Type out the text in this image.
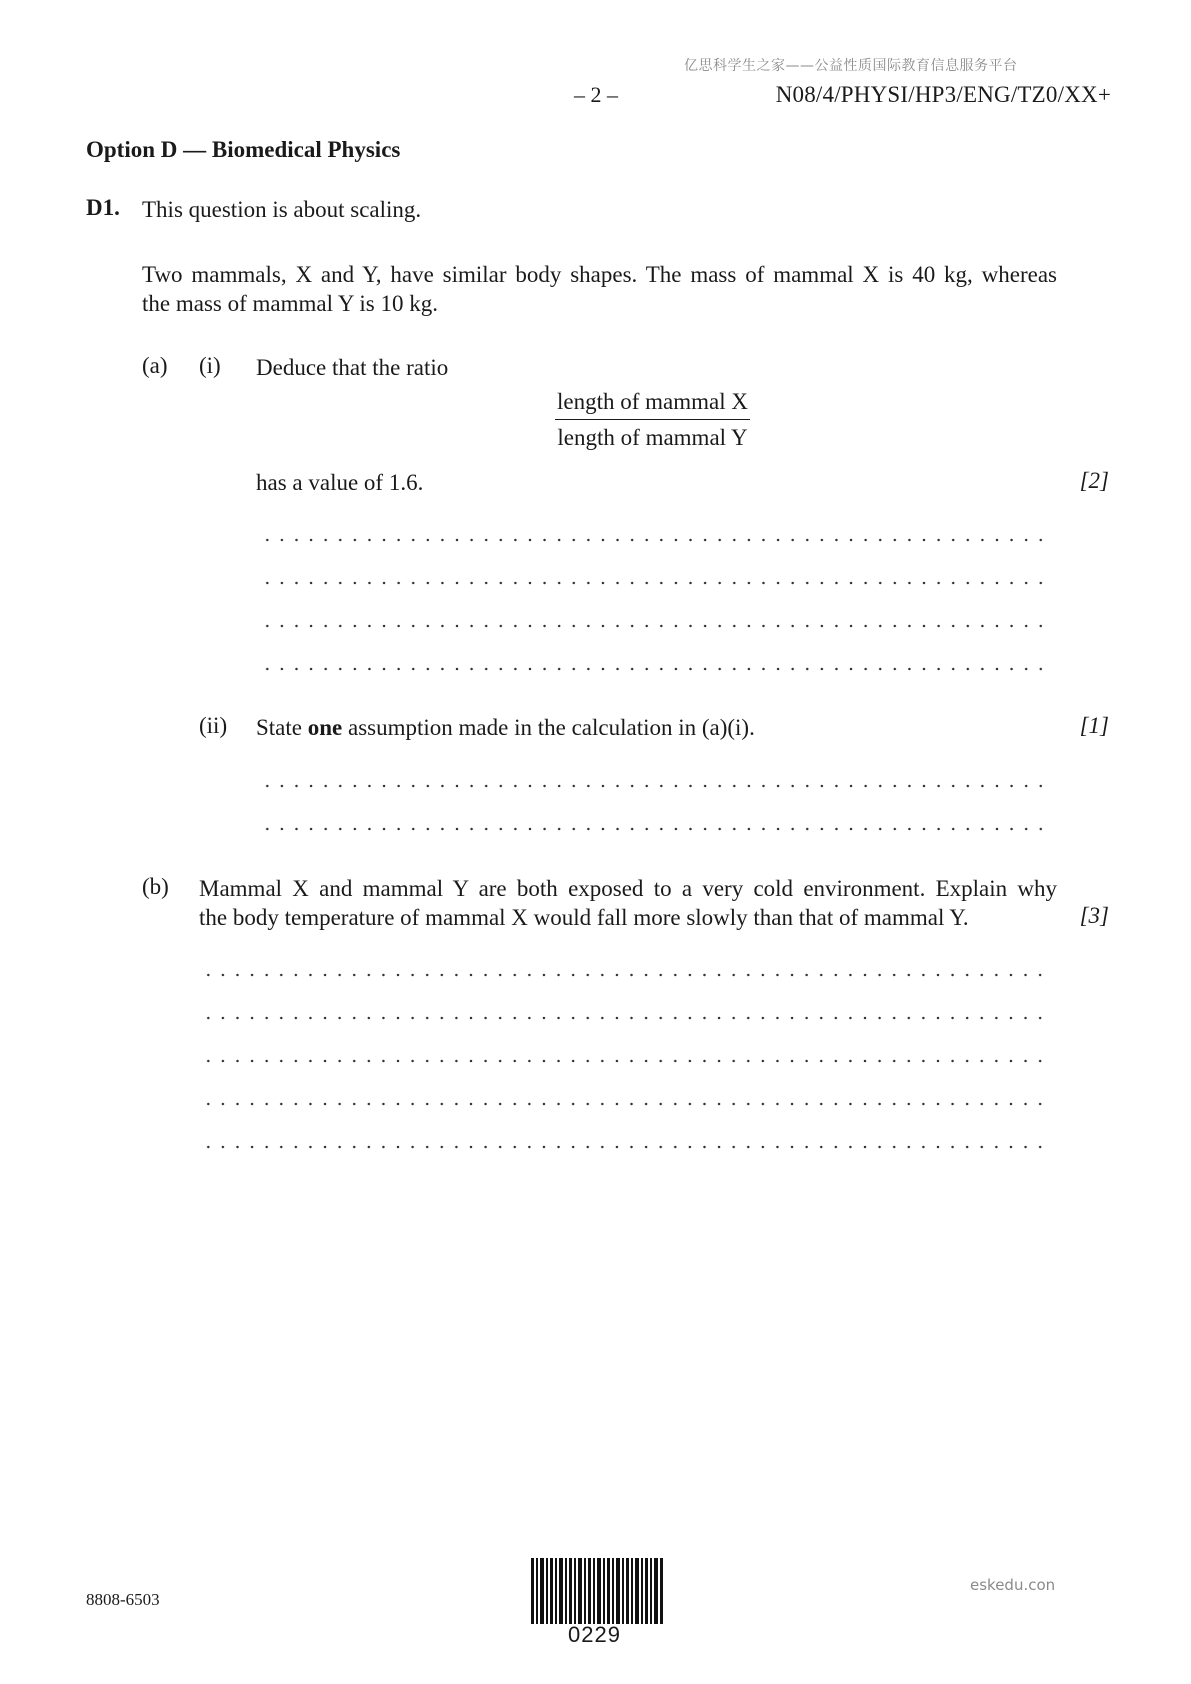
亿思科学生之家——公益性质国际教育信息服务平台
– 2 –	N08/4/PHYSI/HP3/ENG/TZ0/XX+
Option D — Biomedical Physics
D1. This question is about scaling.
Two mammals, X and Y, have similar body shapes. The mass of mammal X is 40 kg, whereas
the mass of mammal Y is 10 kg.
(a) (i) Deduce that the ratio
length of mammal X
length of mammal Y
has a value of 1.6.	[2]
(ii) State one assumption made in the calculation in (a)(i).	[1]
(b) Mammal X and mammal Y are both exposed to a very cold environment. Explain why
the body temperature of mammal X would fall more slowly than that of mammal Y.	[3]
8808-6503
0229
eskedu.con
